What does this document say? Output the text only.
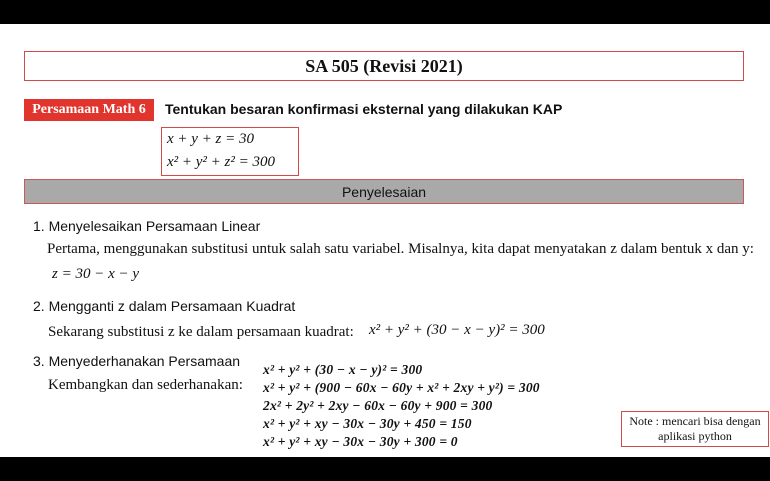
SA 505 (Revisi 2021)
Persamaan Math 6	Tentukan besaran konfirmasi eksternal yang dilakukan KAP
x + y + z = 30
x² + y² + z² = 300
Penyelesaian
1. Menyelesaikan Persamaan Linear
Pertama, menggunakan substitusi untuk salah satu variabel. Misalnya, kita dapat menyatakan z dalam bentuk x dan y:
z = 30 − x − y
2. Mengganti z dalam Persamaan Kuadrat
Sekarang substitusi z ke dalam persamaan kuadrat: x² + y² + (30 − x − y)² = 300
3. Menyederhanakan Persamaan
Kembangkan dan sederhanakan:
x² + y² + (30 − x − y)² = 300
x² + y² + (900 − 60x − 60y + x² + 2xy + y²) = 300
2x² + 2y² + 2xy − 60x − 60y + 900 = 300
x² + y² + xy − 30x − 30y + 450 = 150
x² + y² + xy − 30x − 30y + 300 = 0
Note : mencari bisa dengan aplikasi python
